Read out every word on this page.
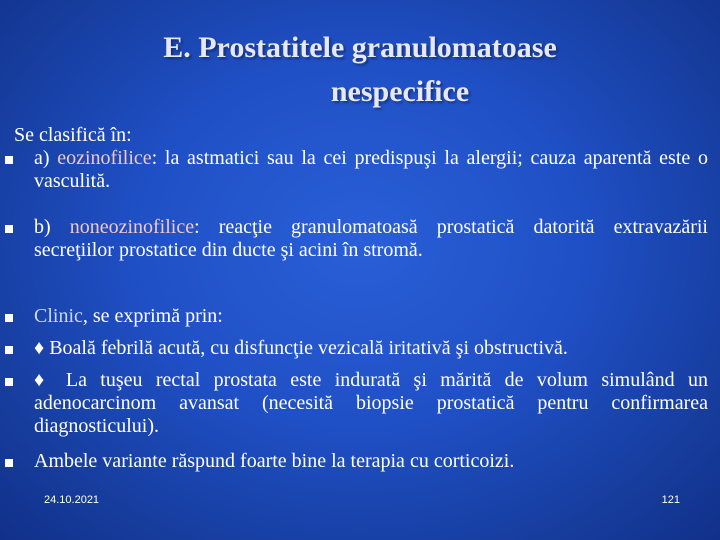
E. Prostatitele granulomatoase
nespecifice
Se clasifică în:
a) eozinofilice: la astmatici sau la cei predispuşi la alergii; cauza aparentă este o vasculită.
b) noneozinofilice: reacţie granulomatoasă prostatică datorită extravazării secreţiilor prostatice din ducte şi acini în stromă.
Clinic, se exprimă prin:
♦ Boală febrilă acută, cu disfuncţie vezicală iritativă şi obstructivă.
♦ La tuşeu rectal prostata este indurată şi mărită de volum simulând un adenocarcinom avansat (necesită biopsie prostatică pentru confirmarea diagnosticului).
Ambele variante răspund foarte bine la terapia cu corticoizi.
24.10.2021	121
